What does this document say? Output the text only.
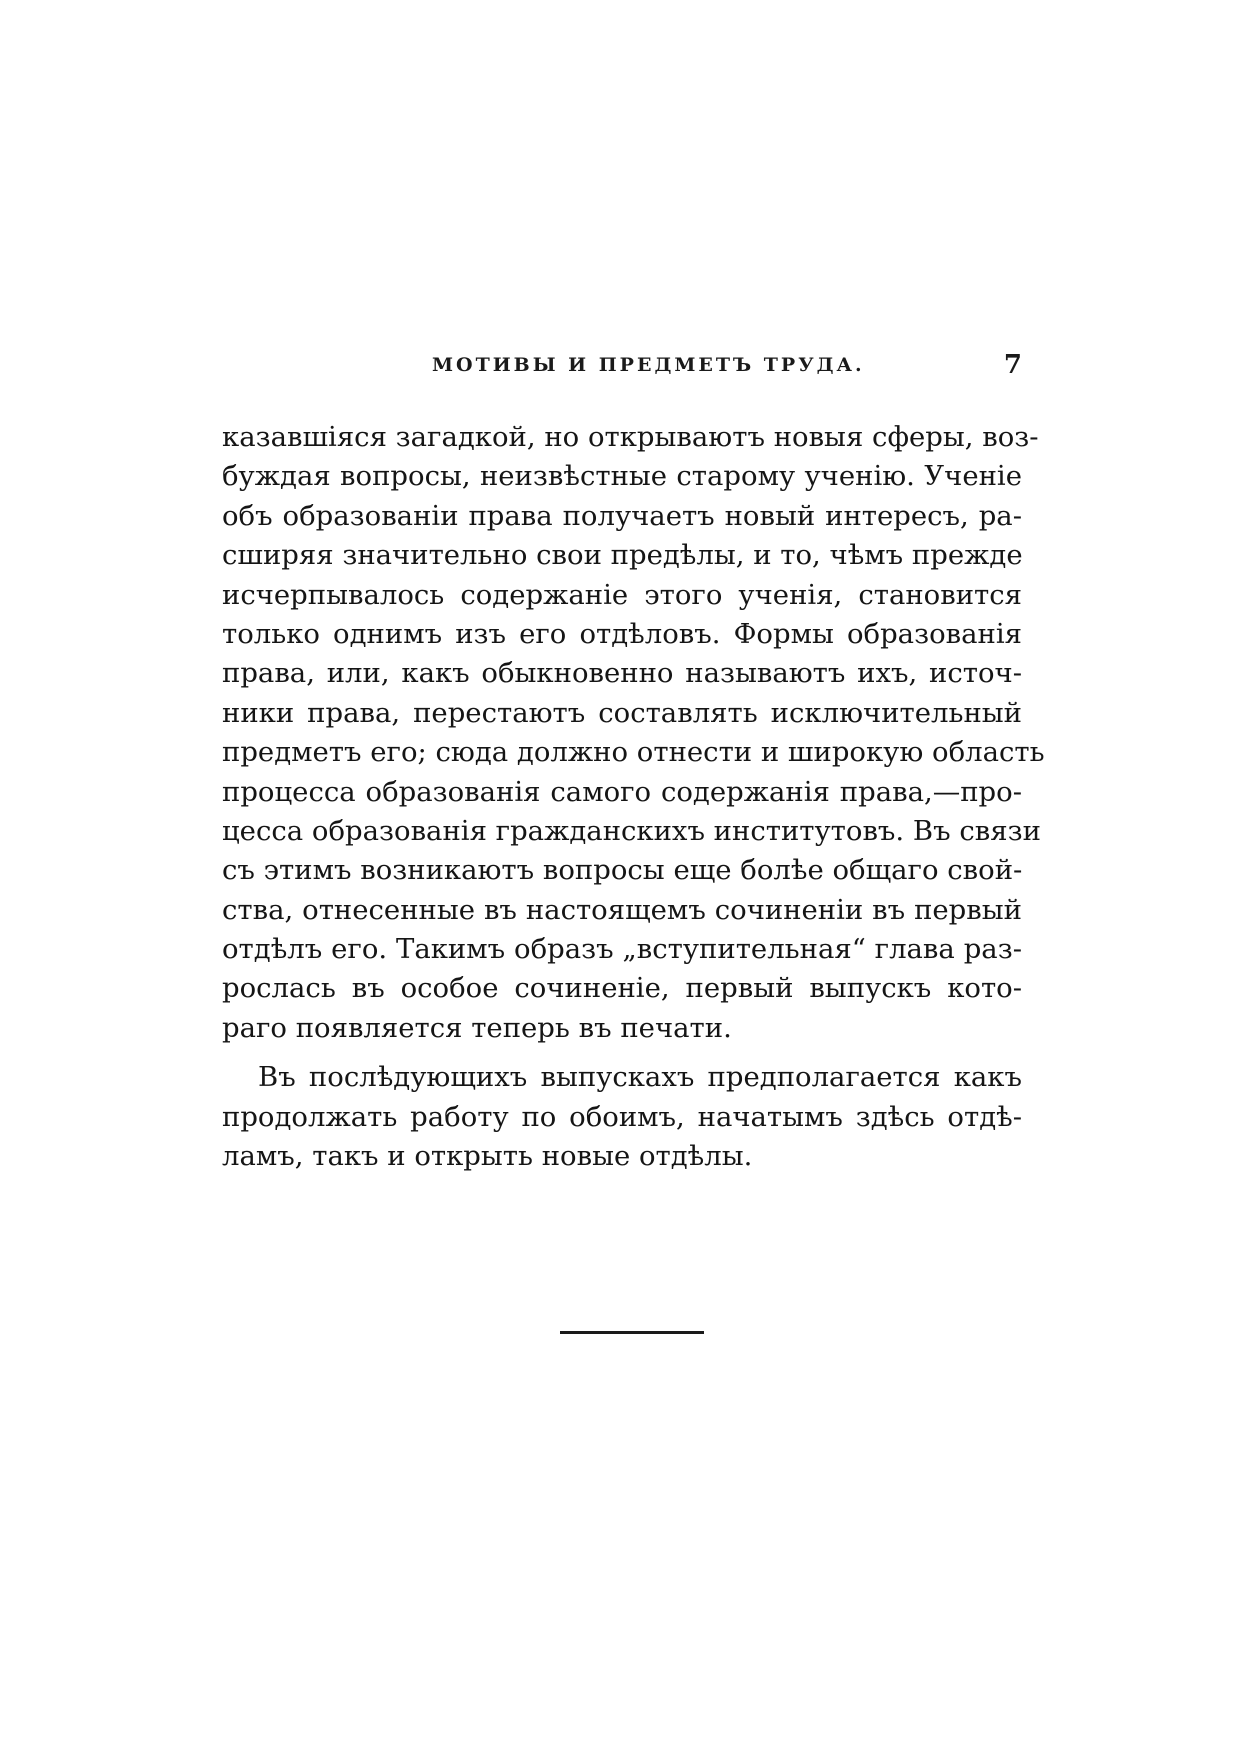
МОТИВЫ И ПРЕДМЕТЪ ТРУДА.	7
казавшіяся загадкой, но открываютъ новыя сферы, воз-
буждая вопросы, неизвѣстные старому ученію. Ученіе
объ образованіи права получаетъ новый интересъ, ра-
сширяя значительно свои предѣлы, и то, чѣмъ прежде
исчерпывалось содержаніе этого ученія, становится
только однимъ изъ его отдѣловъ. Формы образованія
права, или, какъ обыкновенно называютъ ихъ, источ-
ники права, перестаютъ составлять исключительный
предметъ его; сюда должно отнести и широкую область
процесса образованія самого содержанія права,—про-
цесса образованія гражданскихъ институтовъ. Въ связи
съ этимъ возникаютъ вопросы еще болѣе общаго свой-
ства, отнесенные въ настоящемъ сочиненіи въ первый
отдѣлъ его. Такимъ образъ „вступительная“ глава раз-
рослась въ особое сочиненіе, первый выпускъ кото-
раго появляется теперь въ печати.
Въ послѣдующихъ выпускахъ предполагается какъ
продолжать работу по обоимъ, начатымъ здѣсь отдѣ-
ламъ, такъ и открыть новые отдѣлы.
